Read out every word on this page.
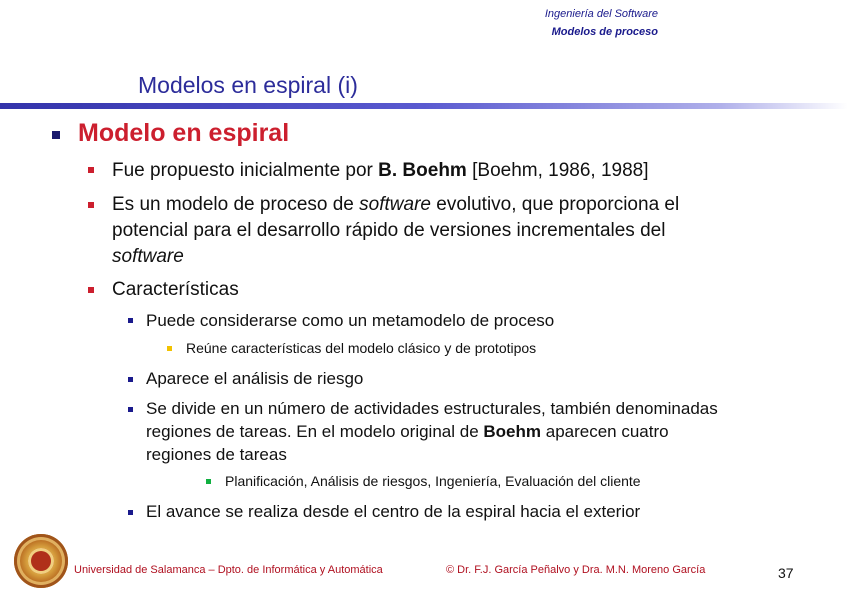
Ingeniería del Software
Modelos de proceso
Modelos en espiral (i)
Modelo en espiral
Fue propuesto inicialmente por B. Boehm [Boehm, 1986, 1988]
Es un modelo de proceso de software evolutivo, que proporciona el
potencial para el desarrollo rápido de versiones incrementales del
software
Características
Puede considerarse como un metamodelo de proceso
Reúne características del modelo clásico y de prototipos
Aparece el análisis de riesgo
Se divide en un número de actividades estructurales, también denominadas
regiones de tareas. En el modelo original de Boehm aparecen cuatro
regiones de tareas
Planificación, Análisis de riesgos, Ingeniería, Evaluación del cliente
El avance se realiza desde el centro de la espiral hacia el exterior
Universidad de Salamanca – Dpto. de Informática y Automática	© Dr. F.J. García Peñalvo y Dra. M.N. Moreno García	37
